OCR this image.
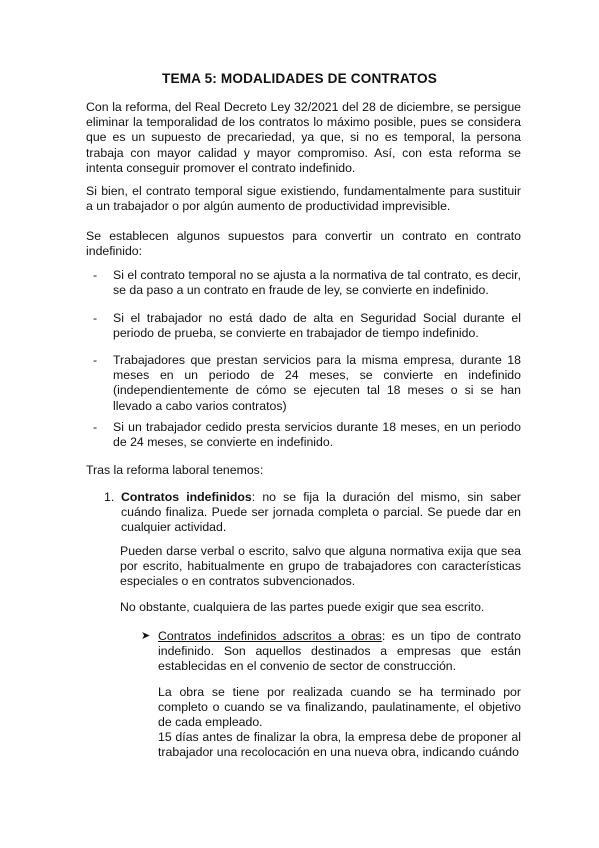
TEMA 5: MODALIDADES DE CONTRATOS
Con la reforma, del Real Decreto Ley 32/2021 del 28 de diciembre, se persigue eliminar la temporalidad de los contratos lo máximo posible, pues se considera que es un supuesto de precariedad, ya que, si no es temporal, la persona trabaja con mayor calidad y mayor compromiso. Así, con esta reforma se intenta conseguir promover el contrato indefinido.
Si bien, el contrato temporal sigue existiendo, fundamentalmente para sustituir a un trabajador o por algún aumento de productividad imprevisible.
Se establecen algunos supuestos para convertir un contrato en contrato indefinido:
- Si el contrato temporal no se ajusta a la normativa de tal contrato, es decir, se da paso a un contrato en fraude de ley, se convierte en indefinido.
- Si el trabajador no está dado de alta en Seguridad Social durante el periodo de prueba, se convierte en trabajador de tiempo indefinido.
- Trabajadores que prestan servicios para la misma empresa, durante 18 meses en un periodo de 24 meses, se convierte en indefinido (independientemente de cómo se ejecuten tal 18 meses o si se han llevado a cabo varios contratos)
- Si un trabajador cedido presta servicios durante 18 meses, en un periodo de 24 meses, se convierte en indefinido.
Tras la reforma laboral tenemos:
1. Contratos indefinidos: no se fija la duración del mismo, sin saber cuándo finaliza. Puede ser jornada completa o parcial. Se puede dar en cualquier actividad.
Pueden darse verbal o escrito, salvo que alguna normativa exija que sea por escrito, habitualmente en grupo de trabajadores con características especiales o en contratos subvencionados.
No obstante, cualquiera de las partes puede exigir que sea escrito.
➤ Contratos indefinidos adscritos a obras: es un tipo de contrato indefinido. Son aquellos destinados a empresas que están establecidas en el convenio de sector de construcción.
La obra se tiene por realizada cuando se ha terminado por completo o cuando se va finalizando, paulatinamente, el objetivo de cada empleado.
15 días antes de finalizar la obra, la empresa debe de proponer al trabajador una recolocación en una nueva obra, indicando cuándo
